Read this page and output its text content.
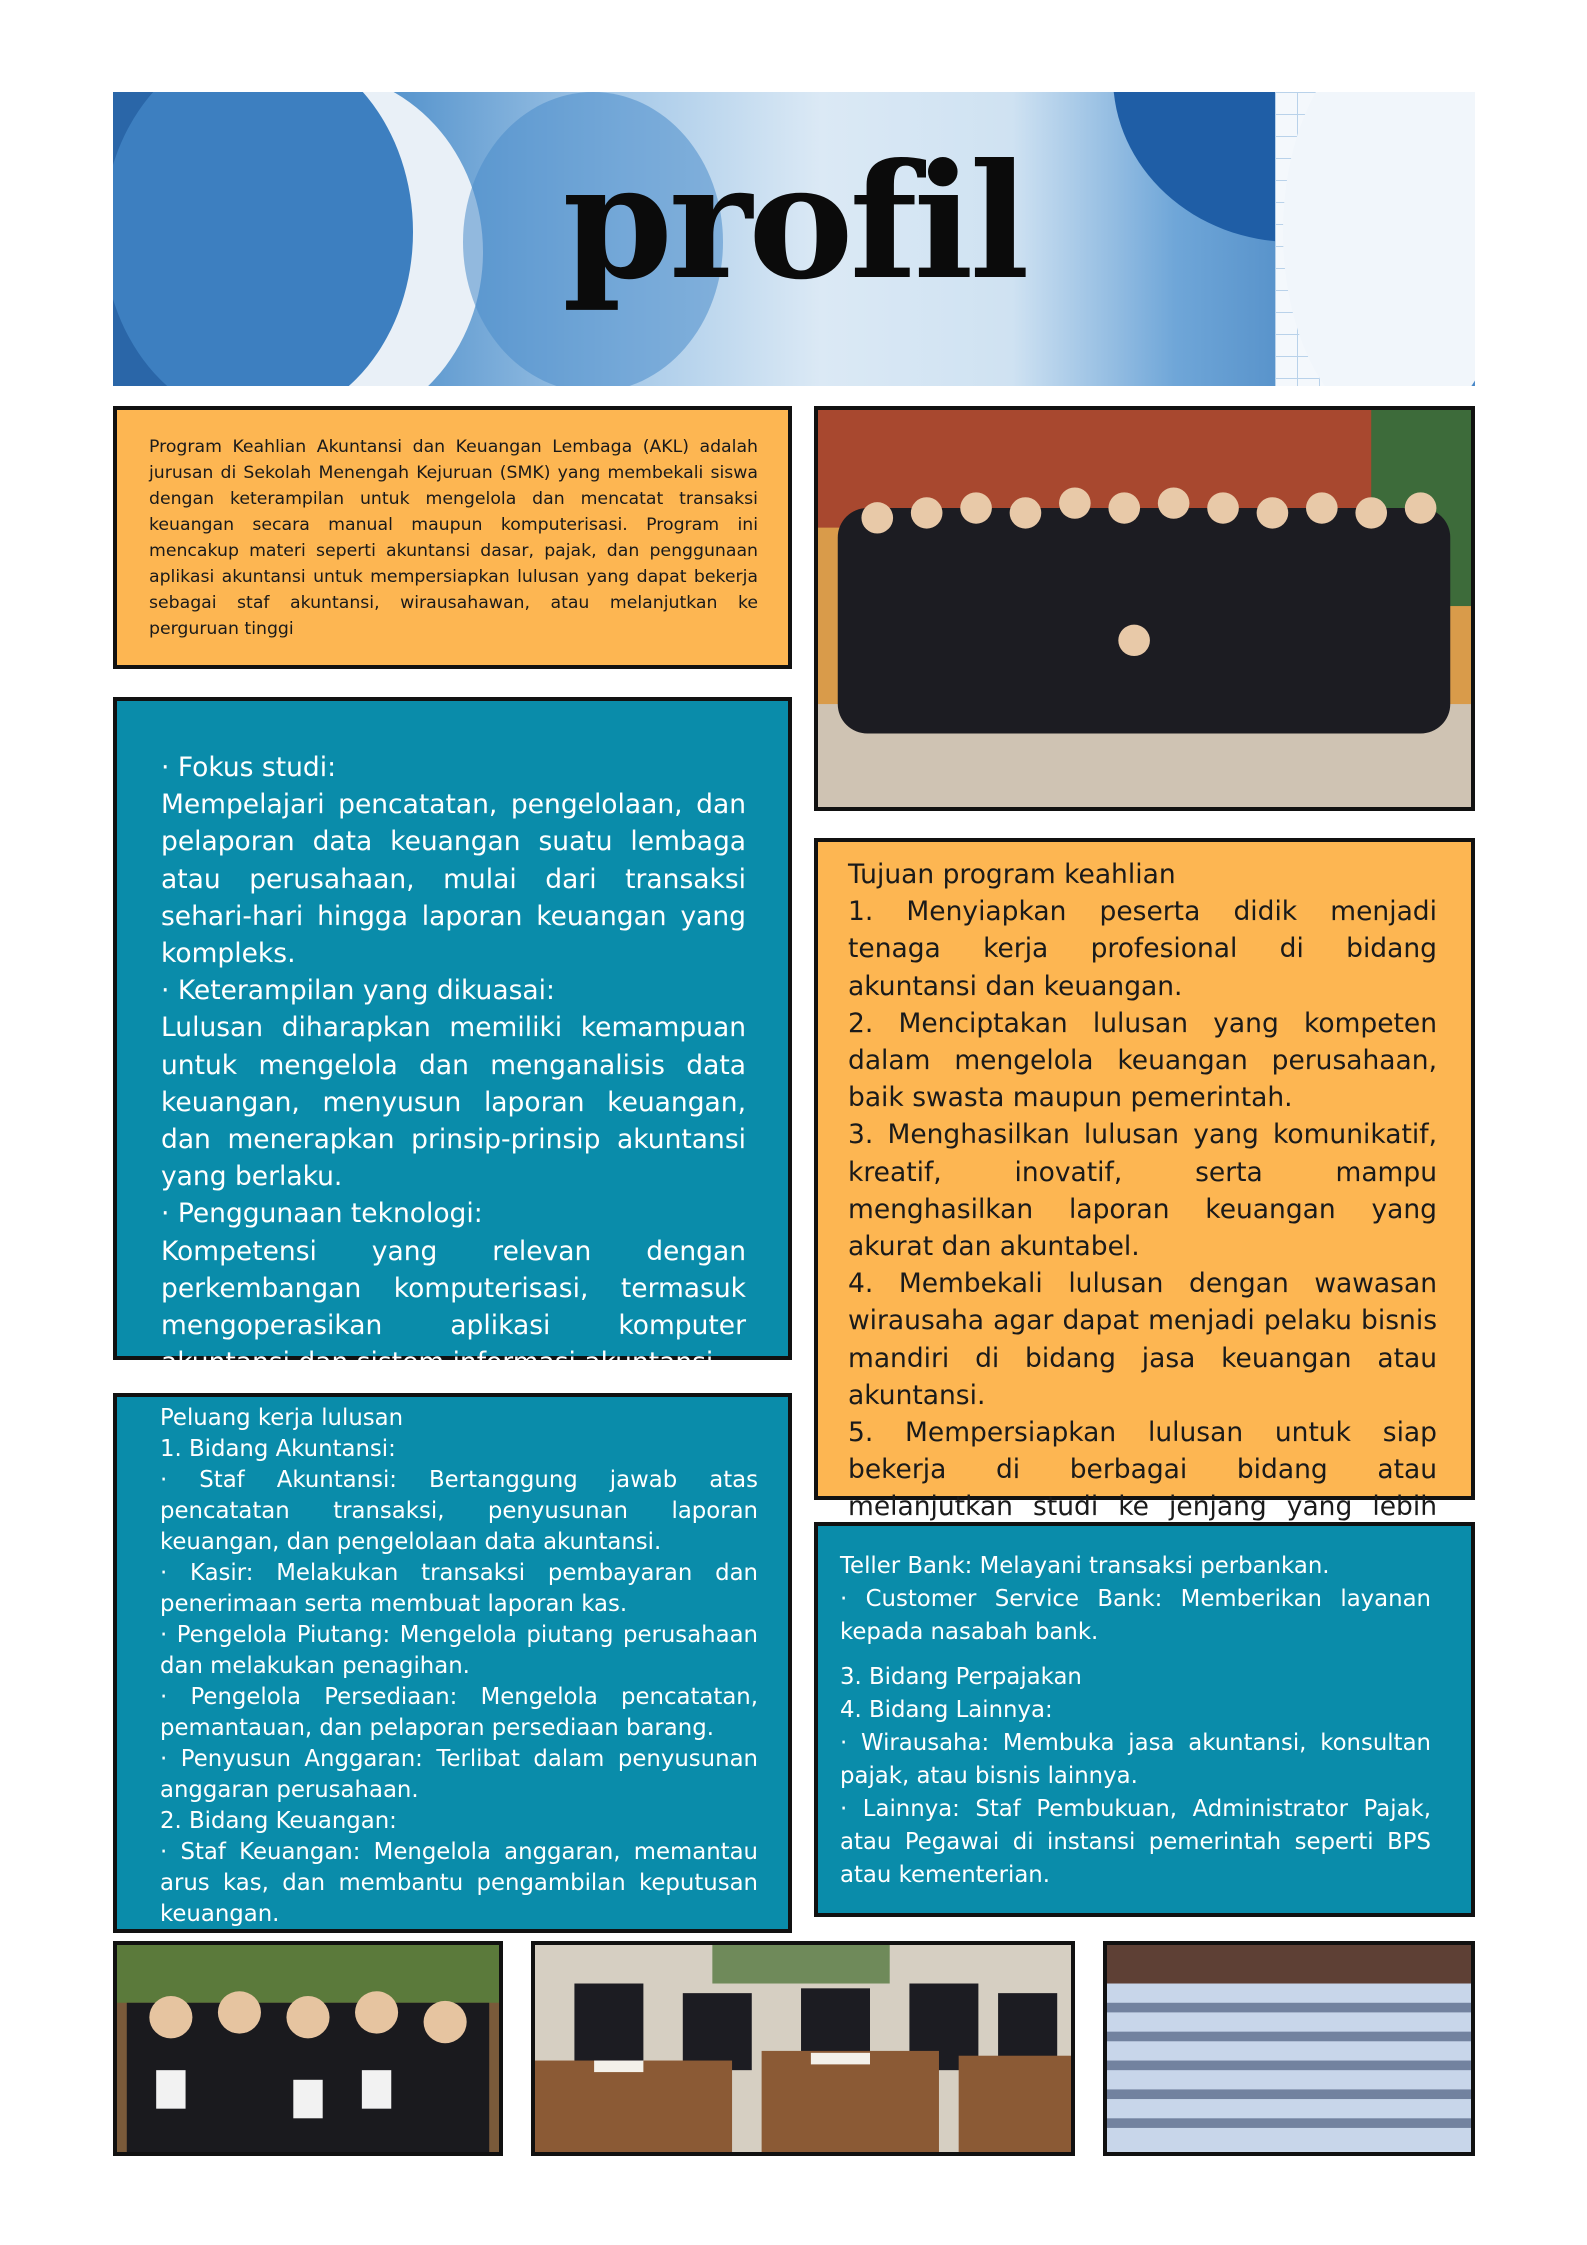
profil

Program Keahlian Akuntansi dan Keuangan Lembaga (AKL) adalah jurusan di Sekolah Menengah Kejuruan (SMK) yang membekali siswa dengan keterampilan untuk mengelola dan mencatat transaksi keuangan secara manual maupun komputerisasi. Program ini mencakup materi seperti akuntansi dasar, pajak, dan penggunaan aplikasi akuntansi untuk mempersiapkan lulusan yang dapat bekerja sebagai staf akuntansi, wirausahawan, atau melanjutkan ke perguruan tinggi

· Fokus studi:

Mempelajari pencatatan, pengelolaan, dan pelaporan data keuangan suatu lembaga atau perusahaan, mulai dari transaksi sehari-hari hingga laporan keuangan yang kompleks.

· Keterampilan yang dikuasai:

Lulusan diharapkan memiliki kemampuan untuk mengelola dan menganalisis data keuangan, menyusun laporan keuangan, dan menerapkan prinsip-prinsip akuntansi yang berlaku.

· Penggunaan teknologi:

Kompetensi yang relevan dengan perkembangan komputerisasi, termasuk mengoperasikan aplikasi komputer akuntansi dan sistem informasi akuntansi.

Tujuan program keahlian

1. Menyiapkan peserta didik menjadi tenaga kerja profesional di bidang akuntansi dan keuangan.

2. Menciptakan lulusan yang kompeten dalam mengelola keuangan perusahaan, baik swasta maupun pemerintah.

3. Menghasilkan lulusan yang komunikatif, kreatif, inovatif, serta mampu menghasilkan laporan keuangan yang akurat dan akuntabel.

4. Membekali lulusan dengan wawasan wirausaha agar dapat menjadi pelaku bisnis mandiri di bidang jasa keuangan atau akuntansi.

5. Mempersiapkan lulusan untuk siap bekerja di berbagai bidang atau melanjutkan studi ke jenjang yang lebih

Peluang kerja lulusan

1. Bidang Akuntansi:

· Staf Akuntansi: Bertanggung jawab atas pencatatan transaksi, penyusunan laporan keuangan, dan pengelolaan data akuntansi.

· Kasir: Melakukan transaksi pembayaran dan penerimaan serta membuat laporan kas.

· Pengelola Piutang: Mengelola piutang perusahaan dan melakukan penagihan.

· Pengelola Persediaan: Mengelola pencatatan, pemantauan, dan pelaporan persediaan barang.

· Penyusun Anggaran: Terlibat dalam penyusunan anggaran perusahaan.

2. Bidang Keuangan:

· Staf Keuangan: Mengelola anggaran, memantau arus kas, dan membantu pengambilan keputusan keuangan.

Teller Bank: Melayani transaksi perbankan.

· Customer Service Bank: Memberikan layanan kepada nasabah bank.

3. Bidang Perpajakan

4. Bidang Lainnya:

· Wirausaha: Membuka jasa akuntansi, konsultan pajak, atau bisnis lainnya.

· Lainnya: Staf Pembukuan, Administrator Pajak, atau Pegawai di instansi pemerintah seperti BPS atau kementerian.
